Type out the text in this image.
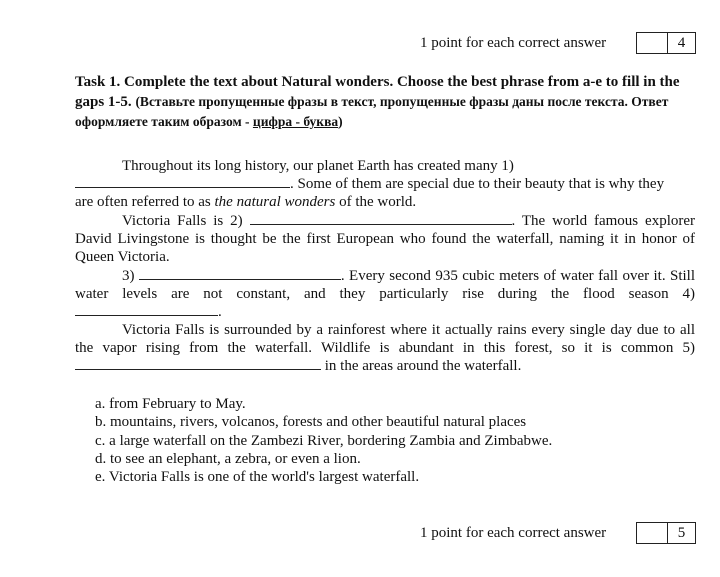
1 point for each correct answer	4
Task 1. Complete the text about Natural wonders. Choose the best phrase from a-e to fill in the gaps 1-5. (Вставьте пропущенные фразы в текст, пропущенные фразы даны после текста. Ответ оформляете таким образом - цифра - буква)
Throughout its long history, our planet Earth has created many 1)
. Some of them are special due to their beauty that is why they
are often referred to as the natural wonders of the world.
Victoria Falls is 2)	. The world famous explorer David Livingstone is thought be the first European who found the waterfall, naming it in honor of Queen Victoria.
3)	. Every second 935 cubic meters of water fall over it. Still water levels are not constant, and they particularly rise during the flood season 4) .
Victoria Falls is surrounded by a rainforest where it actually rains every single day due to all the vapor rising from the waterfall. Wildlife is abundant in this forest, so it is common 5)  in the areas around the waterfall.
a. from February to May.
b. mountains, rivers, volcanos, forests and other beautiful natural places
c. a large waterfall on the Zambezi River, bordering Zambia and Zimbabwe.
d. to see an elephant, a zebra, or even a lion.
e. Victoria Falls is one of the world's largest waterfall.
1 point for each correct answer	5
